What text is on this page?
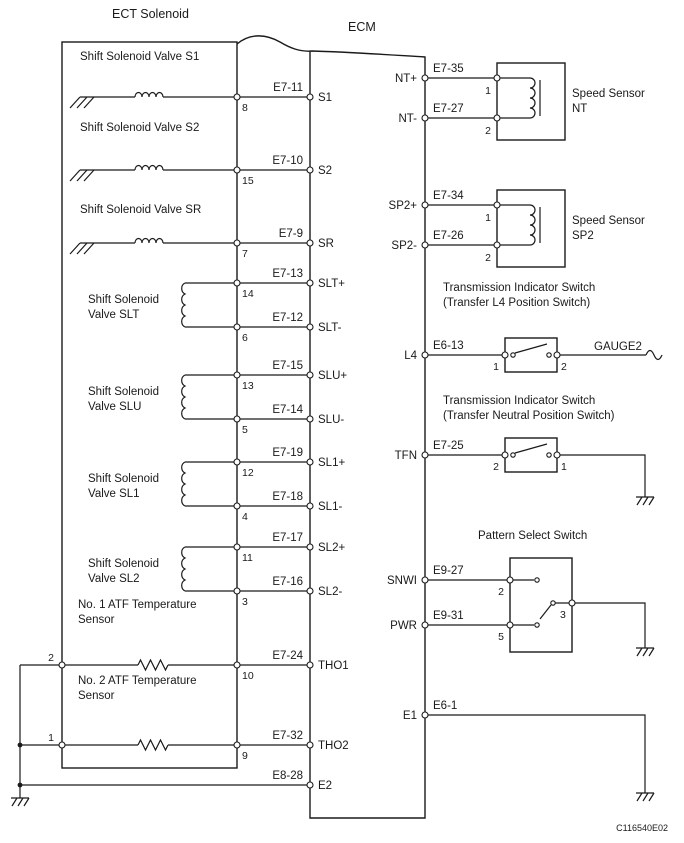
ECT Solenoid
ECM
C116540E02
Shift Solenoid Valve S1
8
E7-11
S1
Shift Solenoid Valve S2
15
E7-10
S2
Shift Solenoid Valve SR
7
E7-9
SR
Shift Solenoid
Valve SLT
14
E7-13
SLT+
6
E7-12
SLT-
Shift Solenoid
Valve SLU
13
E7-15
SLU+
5
E7-14
SLU-
Shift Solenoid
Valve SL1
12
E7-19
SL1+
4
E7-18
SL1-
Shift Solenoid
Valve SL2
11
E7-17
SL2+
3
E7-16
SL2-
No. 1 ATF Temperature
Sensor
2
10
E7-24
THO1
No. 2 ATF Temperature
Sensor
1
9
E7-32
THO2
E8-28
E2
NT+
E7-35
1
NT-
E7-27
2
Speed Sensor
NT
SP2+
E7-34
1
SP2-
E7-26
2
Speed Sensor
SP2
Transmission Indicator Switch
(Transfer L4 Position Switch)
L4
E6-13
1	2
GAUGE2
Transmission Indicator Switch
(Transfer Neutral Position Switch)
TFN
E7-25
2	1
Pattern Select Switch
SNWI
E9-27
2
PWR
E9-31
5
3
E1
E6-1
